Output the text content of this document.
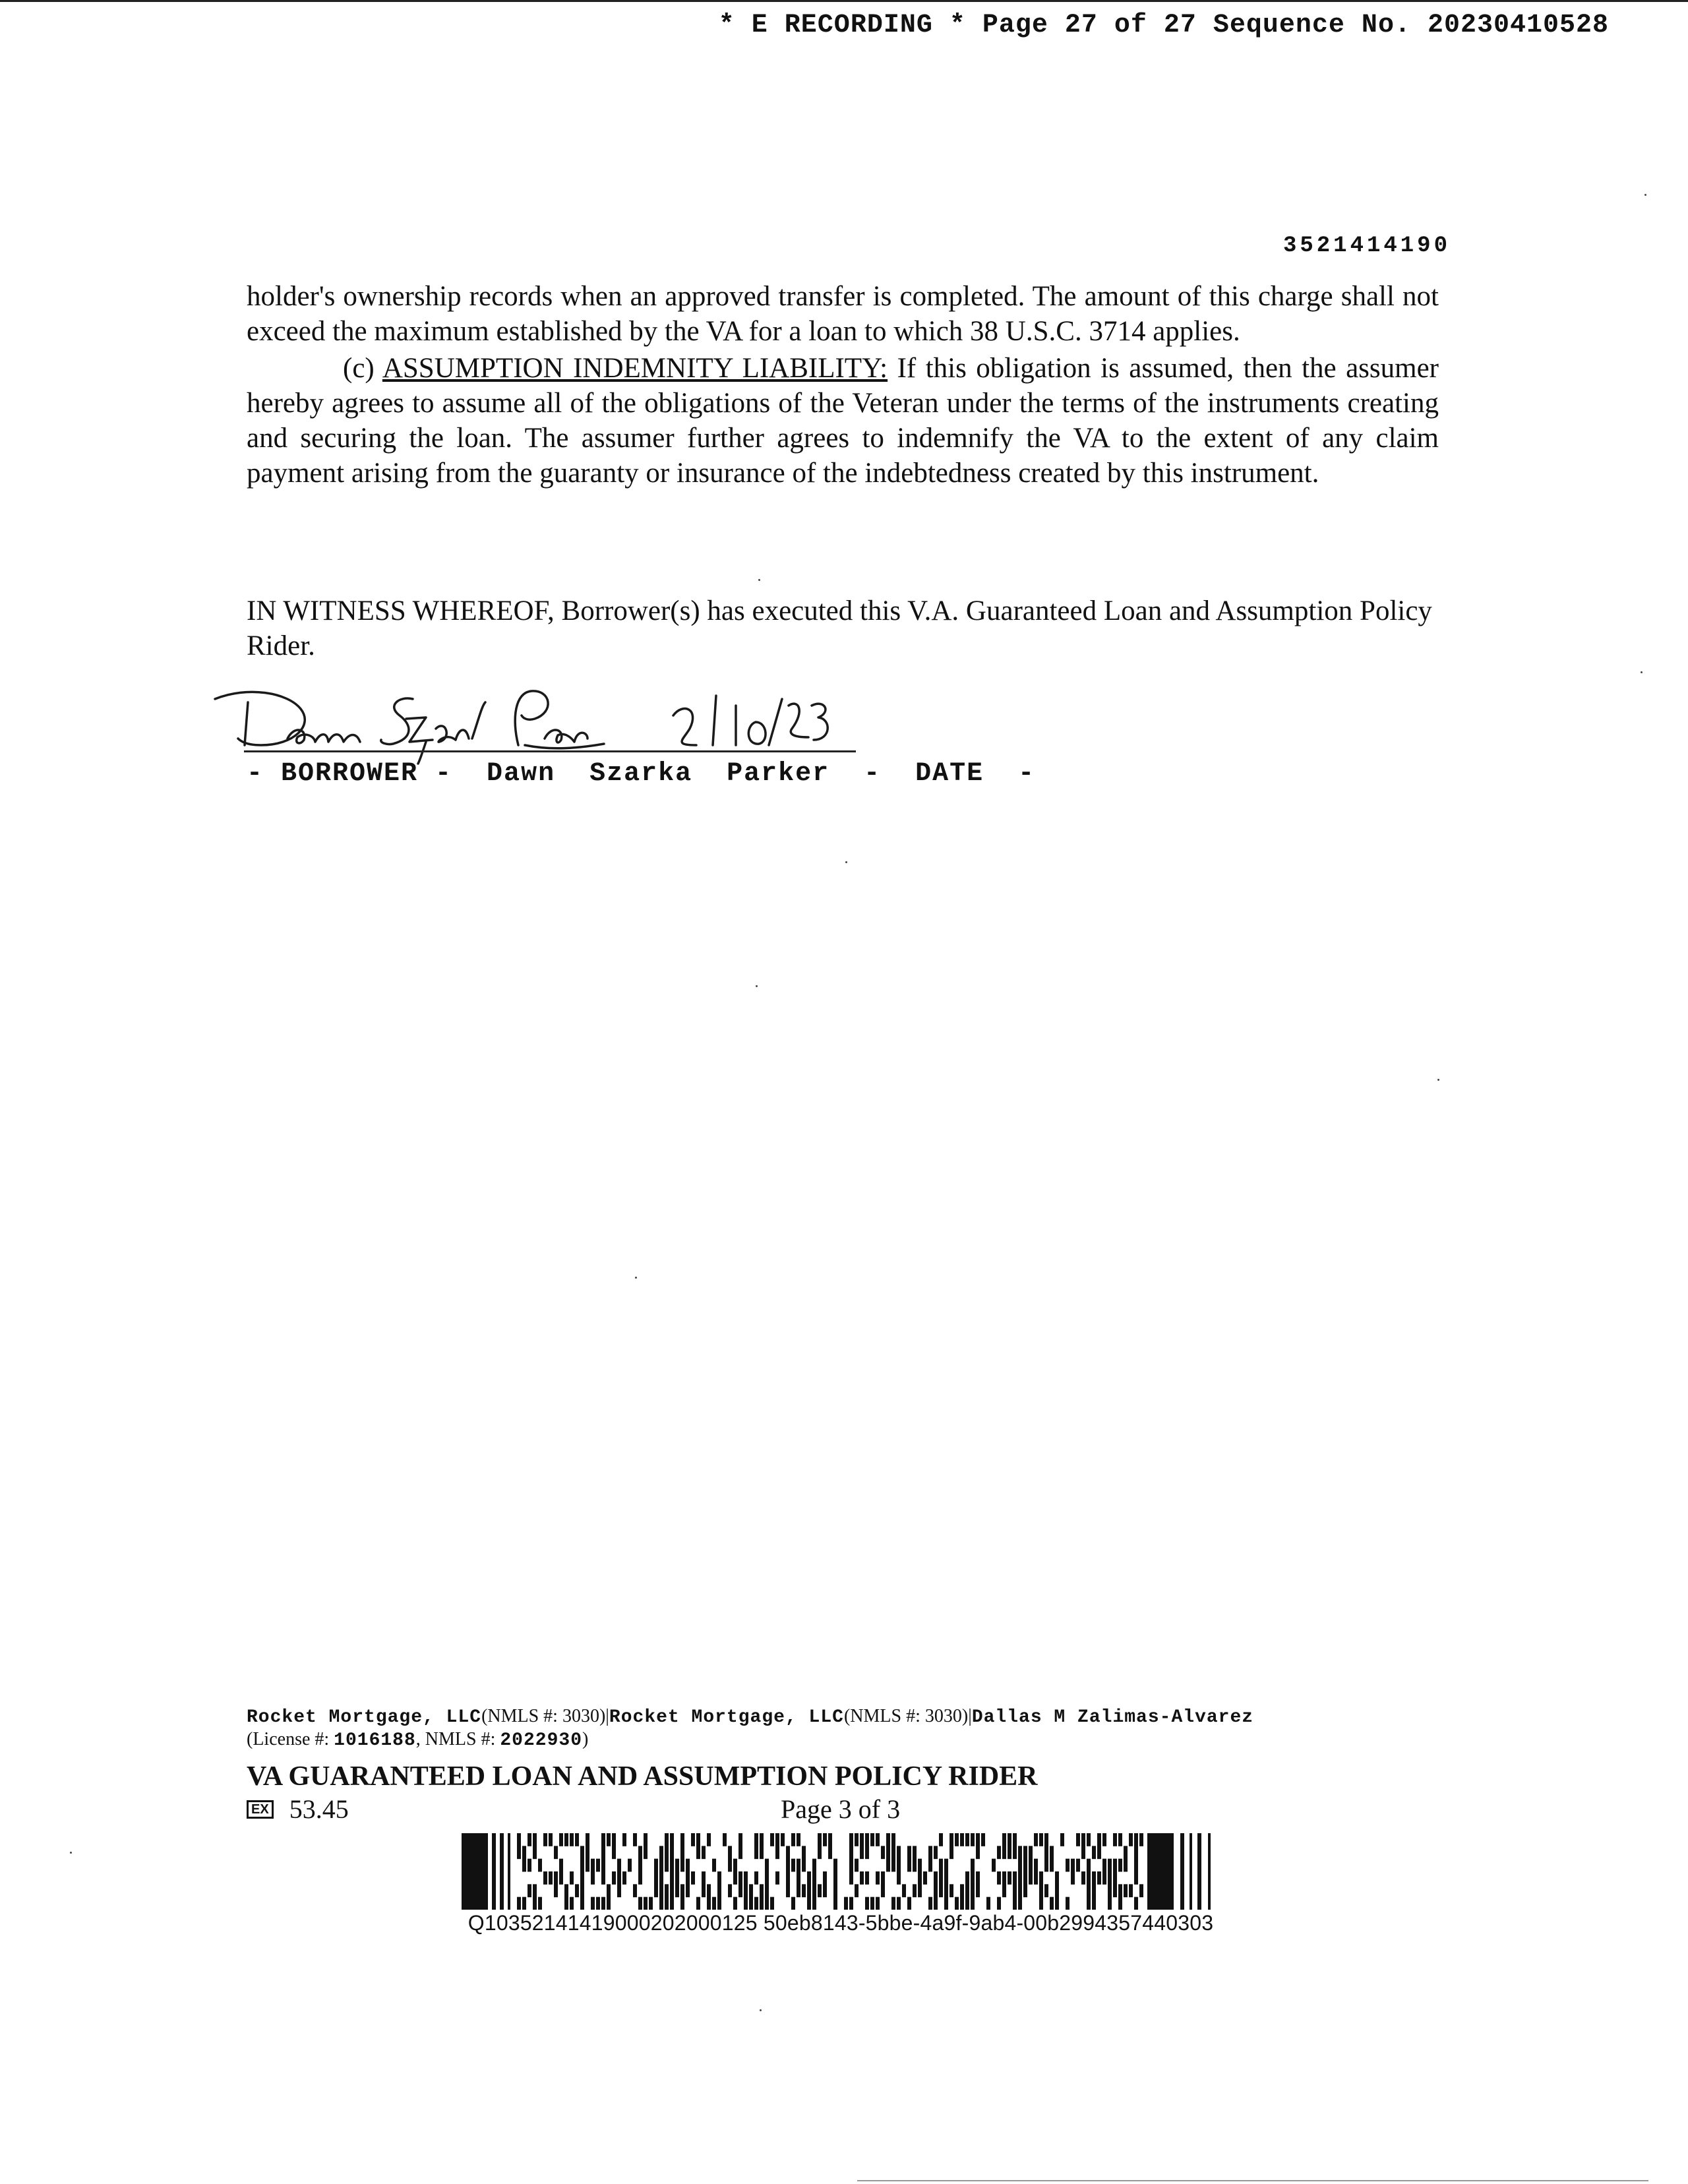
* E RECORDING * Page 27 of 27 Sequence No. 20230410528
3521414190
holder's ownership records when an approved transfer is completed. The amount of this charge shall not exceed the maximum established by the VA for a loan to which 38 U.S.C. 3714 applies.
(c) ASSUMPTION INDEMNITY LIABILITY: If this obligation is assumed, then the assumer hereby agrees to assume all of the obligations of the Veteran under the terms of the instruments creating and securing the loan. The assumer further agrees to indemnify the VA to the extent of any claim payment arising from the guaranty or insurance of the indebtedness created by this instrument.
IN WITNESS WHEREOF, Borrower(s) has executed this V.A. Guaranteed Loan and Assumption Policy Rider.
- BORROWER -  Dawn  Szarka  Parker  -  DATE  -
Rocket Mortgage, LLC(NMLS #: 3030)|Rocket Mortgage, LLC(NMLS #: 3030)|Dallas M Zalimas-Alvarez
(License #: 1016188, NMLS #: 2022930)
VA GUARANTEED LOAN AND ASSUMPTION POLICY RIDER
EX 53.45	Page 3 of 3
Q10352141419000202000125 50eb8143-5bbe-4a9f-9ab4-00b2994357440303
